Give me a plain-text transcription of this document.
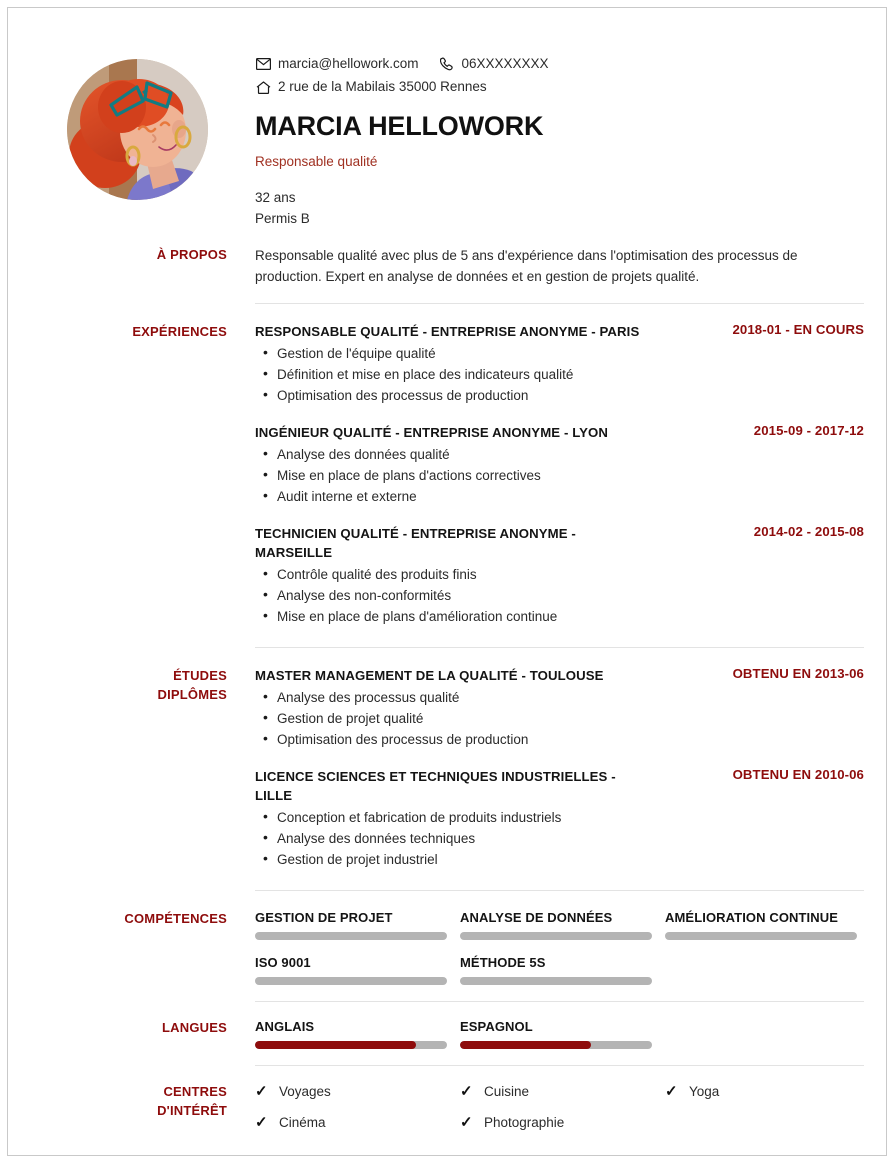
marcia@hellowork.com	06XXXXXXXX
2 rue de la Mabilais 35000 Rennes
MARCIA HELLOWORK
Responsable qualité
32 ans
Permis B
À PROPOS	Responsable qualité avec plus de 5 ans d'expérience dans l'optimisation des processus de production. Expert en analyse de données et en gestion de projets qualité.
EXPÉRIENCES	RESPONSABLE QUALITÉ - ENTREPRISE ANONYME - PARIS	2018-01 - EN COURS
• Gestion de l'équipe qualité
• Définition et mise en place des indicateurs qualité
• Optimisation des processus de production
INGÉNIEUR QUALITÉ - ENTREPRISE ANONYME - LYON	2015-09 - 2017-12
• Analyse des données qualité
• Mise en place de plans d'actions correctives
• Audit interne et externe
TECHNICIEN QUALITÉ - ENTREPRISE ANONYME - MARSEILLE
2014-02 - 2015-08
• Contrôle qualité des produits finis
• Analyse des non-conformités
• Mise en place de plans d'amélioration continue
ÉTUDES
DIPLÔMES
MASTER MANAGEMENT DE LA QUALITÉ - TOULOUSE	OBTENU EN 2013-06
• Analyse des processus qualité
• Gestion de projet qualité
• Optimisation des processus de production
LICENCE SCIENCES ET TECHNIQUES INDUSTRIELLES - LILLE
OBTENU EN 2010-06
• Conception et fabrication de produits industriels
• Analyse des données techniques
• Gestion de projet industriel
COMPÉTENCES	GESTION DE PROJET	ANALYSE DE DONNÉES	AMÉLIORATION CONTINUE
ISO 9001	MÉTHODE 5S
LANGUES	ANGLAIS	ESPAGNOL
CENTRES
D'INTÉRÊT
✓ Voyages	✓ Cuisine	✓ Yoga
✓ Cinéma	✓ Photographie
